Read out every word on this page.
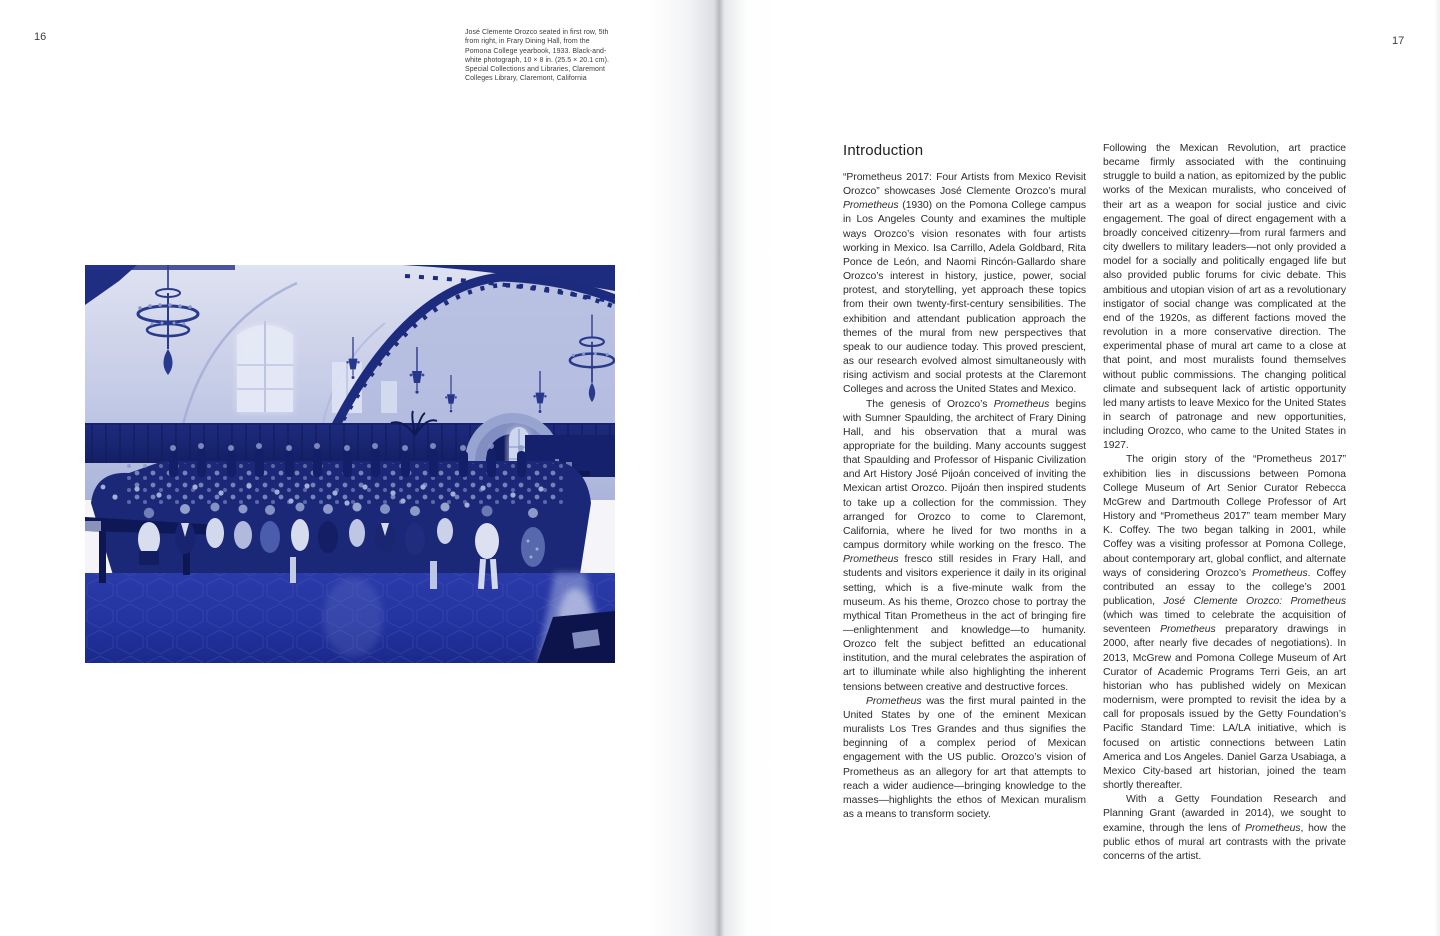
16	José Clemente Orozco seated in first row, 5th from right, in Frary Dining Hall, from the Pomona College yearbook, 1933. Black-and-white photograph, 10 × 8 in. (25.5 × 20.1 cm). Special Collections and Libraries, Claremont Colleges Library, Claremont, California
17
Introduction

“Prometheus 2017: Four Artists from Mexico Revisit Orozco” showcases José Clemente Orozco’s mural Prometheus (1930) on the Pomona College campus in Los Angeles County and examines the multiple ways Orozco’s vision resonates with four artists working in Mexico. Isa Carrillo, Adela Goldbard, Rita Ponce de León, and Naomi Rincón-Gallardo share Orozco’s interest in history, justice, power, social protest, and storytelling, yet approach these topics from their own twenty-first-century sensibilities. The exhibition and attendant publication approach the themes of the mural from new perspectives that speak to our audience today. This proved prescient, as our research evolved almost simultaneously with rising activism and social protests at the Claremont Colleges and across the United States and Mexico.

The genesis of Orozco’s Prometheus begins with Sumner Spaulding, the architect of Frary Dining Hall, and his observation that a mural was appropriate for the building. Many accounts suggest that Spaulding and Professor of Hispanic Civilization and Art History José Pijoán conceived of inviting the Mexican artist Orozco. Pijoán then inspired students to take up a collection for the commission. They arranged for Orozco to come to Claremont, California, where he lived for two months in a campus dormitory while working on the fresco. The Prometheus fresco still resides in Frary Hall, and students and visitors experience it daily in its original setting, which is a five-minute walk from the museum. As his theme, Orozco chose to portray the mythical Titan Prometheus in the act of bringing fire—enlightenment and knowledge—to humanity. Orozco felt the subject befitted an educational institution, and the mural celebrates the aspiration of art to illuminate while also highlighting the inherent tensions between creative and destructive forces.

Prometheus was the first mural painted in the United States by one of the eminent Mexican muralists Los Tres Grandes and thus signifies the beginning of a complex period of Mexican engagement with the US public. Orozco’s vision of Prometheus as an allegory for art that attempts to reach a wider audience—bringing knowledge to the masses—highlights the ethos of Mexican muralism as a means to transform society.

Following the Mexican Revolution, art practice became firmly associated with the continuing struggle to build a nation, as epitomized by the public works of the Mexican muralists, who conceived of their art as a weapon for social justice and civic engagement. The goal of direct engagement with a broadly conceived citizenry—from rural farmers and city dwellers to military leaders—not only provided a model for a socially and politically engaged life but also provided public forums for civic debate. This ambitious and utopian vision of art as a revolutionary instigator of social change was complicated at the end of the 1920s, as different factions moved the revolution in a more conservative direction. The experimental phase of mural art came to a close at that point, and most muralists found themselves without public commissions. The changing political climate and subsequent lack of artistic opportunity led many artists to leave Mexico for the United States in search of patronage and new opportunities, including Orozco, who came to the United States in 1927.

The origin story of the “Prometheus 2017” exhibition lies in discussions between Pomona College Museum of Art Senior Curator Rebecca McGrew and Dartmouth College Professor of Art History and “Prometheus 2017” team member Mary K. Coffey. The two began talking in 2001, while Coffey was a visiting professor at Pomona College, about contemporary art, global conflict, and alternate ways of considering Orozco’s Prometheus. Coffey contributed an essay to the college’s 2001 publication, José Clemente Orozco: Prometheus (which was timed to celebrate the acquisition of seventeen Prometheus preparatory drawings in 2000, after nearly five decades of negotiations). In 2013, McGrew and Pomona College Museum of Art Curator of Academic Programs Terri Geis, an art historian who has published widely on Mexican modernism, were prompted to revisit the idea by a call for proposals issued by the Getty Foundation’s Pacific Standard Time: LA/LA initiative, which is focused on artistic connections between Latin America and Los Angeles. Daniel Garza Usabiaga, a Mexico City-based art historian, joined the team shortly thereafter.

With a Getty Foundation Research and Planning Grant (awarded in 2014), we sought to examine, through the lens of Prometheus, how the public ethos of mural art contrasts with the private concerns of the artist.
